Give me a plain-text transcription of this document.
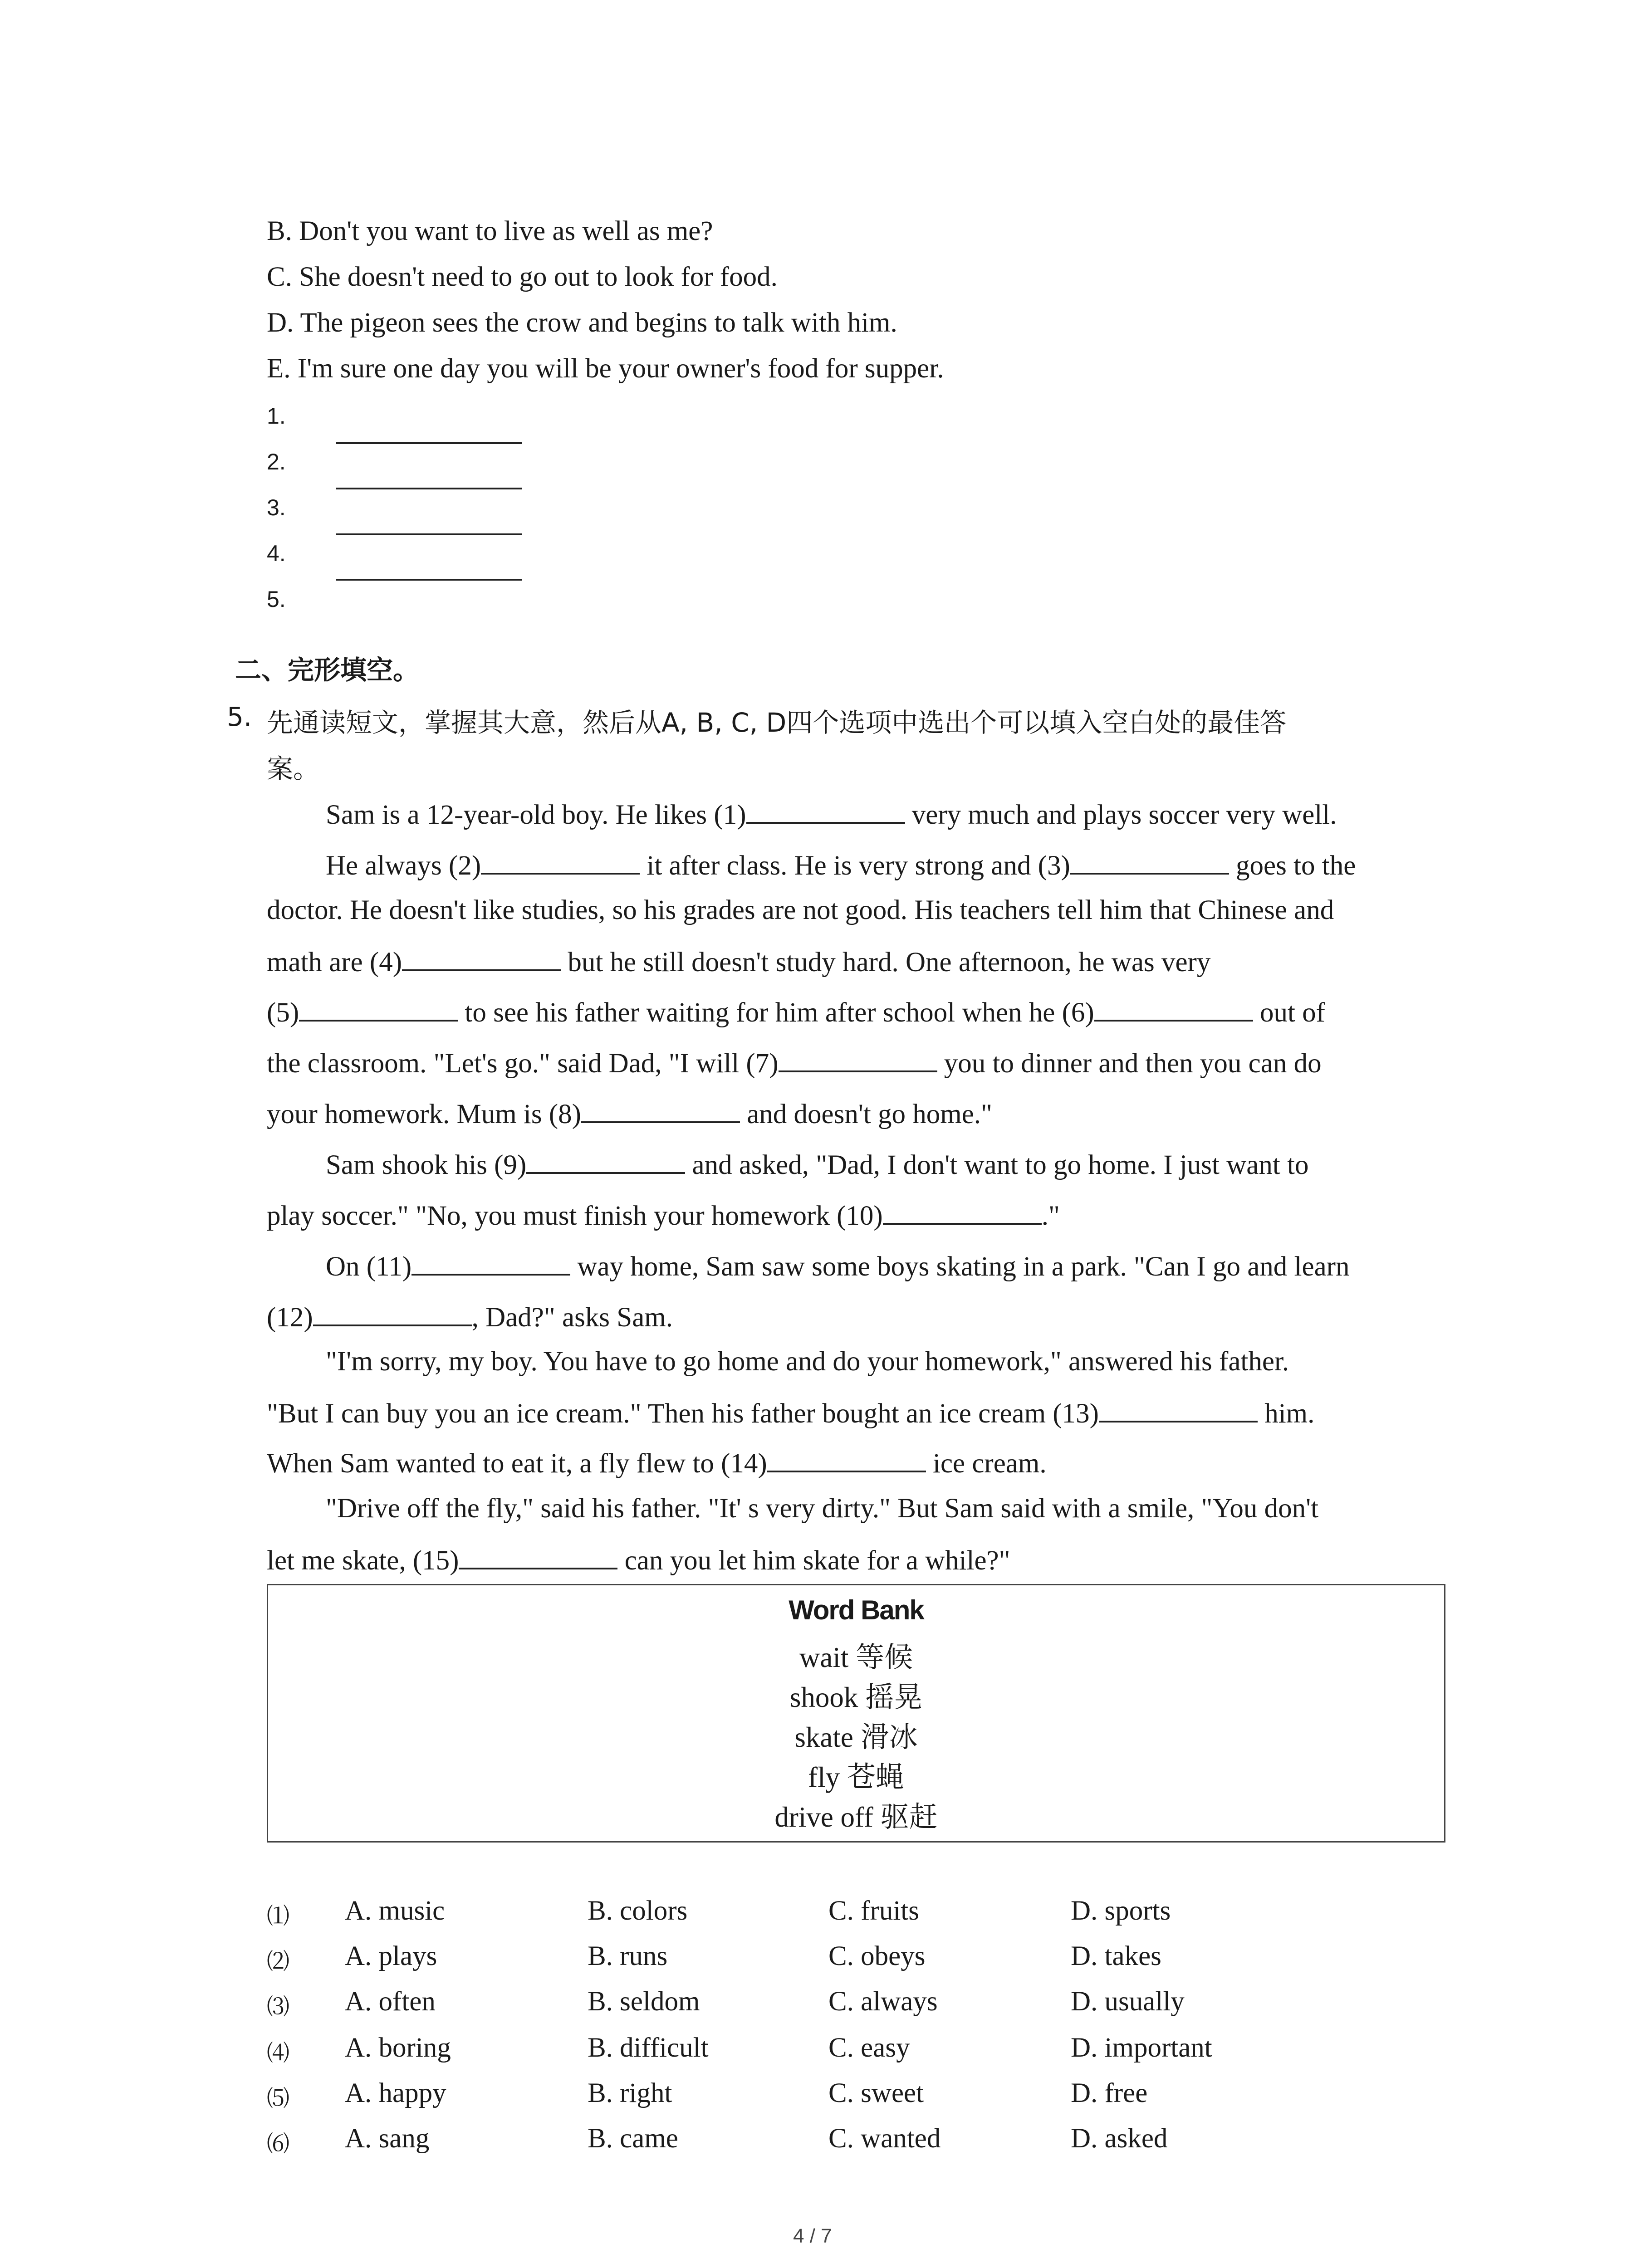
B. Don't you want to live as well as me?
C. She doesn't need to go out to look for food.
D. The pigeon sees the crow and begins to talk with him.
E. I'm sure one day you will be your owner's food for supper.
1.
2.
3.
4.
5.
二、完形填空。
5. 先通读短文，掌握其大意，然后从A, B, C, D四个选项中选出个可以填入空白处的最佳答
案。
Sam is a 12-year-old boy. He likes (1)	very much and plays soccer very well.
He always (2)	it after class. He is very strong and (3)	goes to the
doctor. He doesn't like studies, so his grades are not good. His teachers tell him that Chinese and
math are (4)	but he still doesn't study hard. One afternoon, he was very
(5)	to see his father waiting for him after school when he (6)	out of
the classroom. "Let's go." said Dad, "I will (7)	you to dinner and then you can do
your homework. Mum is (8)	and doesn't go home."
Sam shook his (9)	and asked, "Dad, I don't want to go home. I just want to
play soccer." "No, you must finish your homework (10)	."
On (11)	way home, Sam saw some boys skating in a park. "Can I go and learn
(12)	, Dad?" asks Sam.
"I'm sorry, my boy. You have to go home and do your homework," answered his father.
"But I can buy you an ice cream." Then his father bought an ice cream (13)	him.
When Sam wanted to eat it, a fly flew to (14)	ice cream.
"Drive off the fly," said his father. "It' s very dirty." But Sam said with a smile, "You don't
let me skate, (15)	can you let him skate for a while?"
Word Bank
wait 等候
shook 摇晃
skate 滑冰
fly 苍蝇
drive off 驱赶
⑴ A. music	B. colors	C. fruits	D. sports
⑵ A. plays	B. runs	C. obeys	D. takes
⑶ A. often	B. seldom	C. always	D. usually
⑷ A. boring	B. difficult	C. easy	D. important
⑸ A. happy	B. right	C. sweet	D. free
⑹ A. sang	B. came	C. wanted	D. asked
4 / 7
